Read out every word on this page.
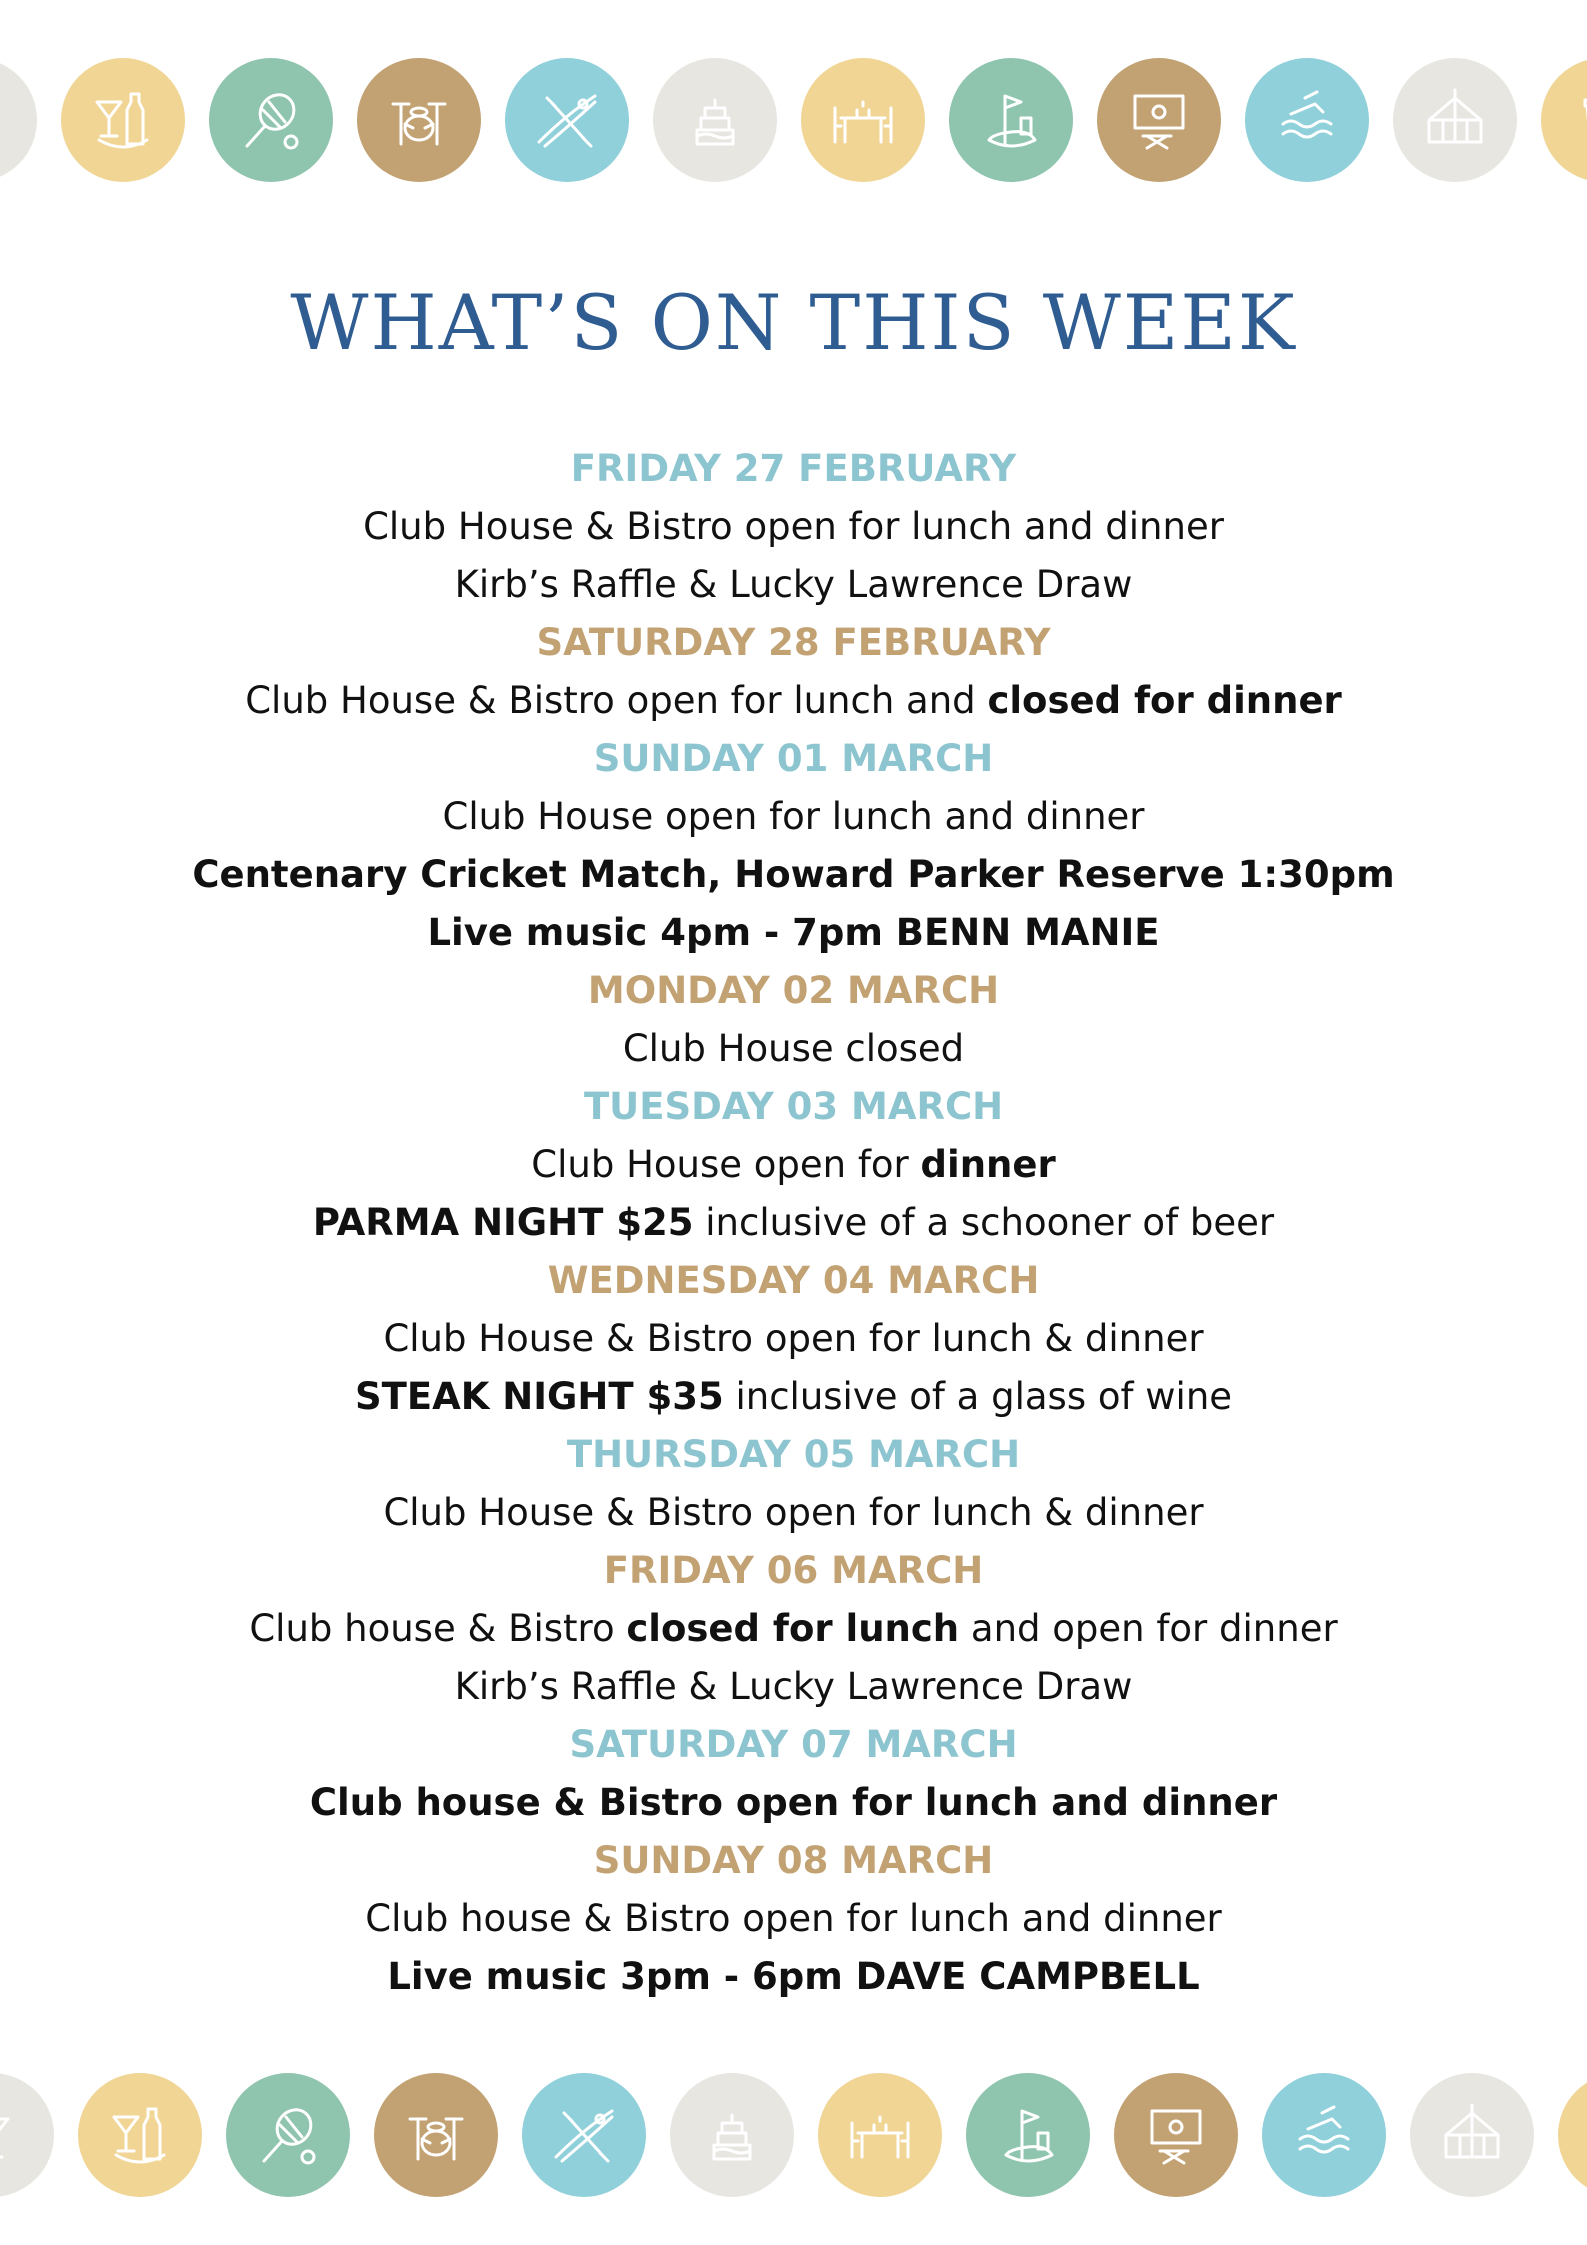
WHAT’S ON THIS WEEK
FRIDAY 27 FEBRUARY
Club House & Bistro open for lunch and dinner
Kirb’s Raffle & Lucky Lawrence Draw
SATURDAY 28 FEBRUARY
Club House & Bistro open for lunch and closed for dinner
SUNDAY 01 MARCH
Club House open for lunch and dinner
Centenary Cricket Match, Howard Parker Reserve 1:30pm
Live music 4pm - 7pm BENN MANIE
MONDAY 02 MARCH
Club House closed
TUESDAY 03 MARCH
Club House open for dinner
PARMA NIGHT $25 inclusive of a schooner of beer
WEDNESDAY 04 MARCH
Club House & Bistro open for lunch & dinner
STEAK NIGHT $35 inclusive of a glass of wine
THURSDAY 05 MARCH
Club House & Bistro open for lunch & dinner
FRIDAY 06 MARCH
Club house & Bistro closed for lunch and open for dinner
Kirb’s Raffle & Lucky Lawrence Draw
SATURDAY 07 MARCH
Club house & Bistro open for lunch and dinner
SUNDAY 08 MARCH
Club house & Bistro open for lunch and dinner
Live music 3pm - 6pm DAVE CAMPBELL
